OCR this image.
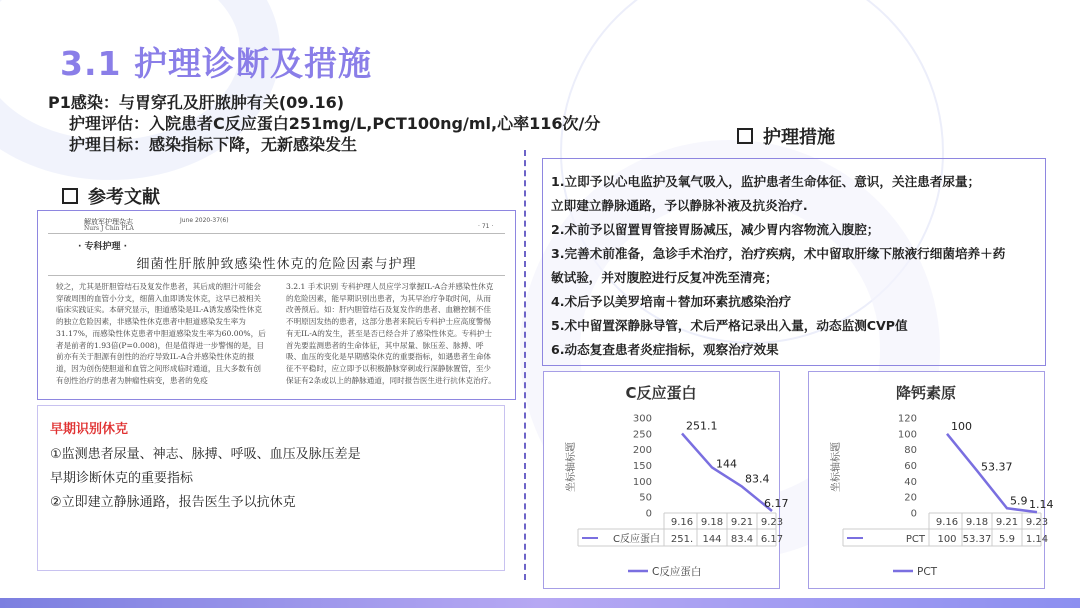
3.1 护理诊断及措施
P1感染：与胃穿孔及肝脓肿有关(09.16)
护理评估：入院患者C反应蛋白251mg/L,PCT100ng/ml,心率116次/分
护理目标：感染指标下降，无新感染发生
参考文献
护理措施
解放军护理杂志
Nurs J Chin PLA
June 2020-37(6)
· 71 ·
· 专科护理 ·
细菌性肝脓肿致感染性休克的危险因素与护理
较之，尤其是肝胆管结石及复发作患者，其后成的胆汁可能会穿破周围的血管小分支，细菌入血即诱发休克，这早已被相关临床实践证实。本研究显示，胆道感染是IL-A诱发感染性休克的独立危险因素，非感染性休克患者中胆道感染发生率为31.17%，而感染性休克患者中胆道感染发生率为60.00%，后者是前者的1.93倍(P=0.008)，但是值得进一步警惕的是，目前亦有关于胆源有创性的治疗导致IL-A合并感染性休克的报道，因为创伤使胆道和血管之间形成临时通道，且大多数有创有创性治疗的患者为肿瘤性病变，患者的免疫
3.2.1 手术识别 专科护理人员应学习掌握IL-A合并感染性休克的危险因素，能早期识别出患者，为其早治疗争取时间，从而改善预后。如：肝内胆管结石及复发作的患者、血糖控制不佳不明原因发热的患者，这部分患者来院后专科护士应高度警惕有无IL-A的发生，甚至是否已经合并了感染性休克。专科护士首先要监测患者的生命体征，其中尿量、脉压差、脉搏、呼吸、血压的变化是早期感染休克的重要指标，如遇患者生命体征不平稳时，应立即予以积极静脉穿刺或行深静脉置管，至少保证有2条或以上的静脉通道，同时报告医生进行抗休克治疗。
早期识别休克
①监测患者尿量、神志、脉搏、呼吸、血压及脉压差是
早期诊断休克的重要指标
②立即建立静脉通路，报告医生予以抗休克
1.立即予以心电监护及氧气吸入，监护患者生命体征、意识，关注患者尿量；
立即建立静脉通路，予以静脉补液及抗炎治疗.
2.术前予以留置胃管接胃肠减压，减少胃内容物流入腹腔；
3.完善术前准备，急诊手术治疗，治疗疾病，术中留取肝缘下脓液行细菌培养＋药
敏试验，并对腹腔进行反复冲洗至清亮；
4.术后予以美罗培南＋替加环素抗感染治疗
5.术中留置深静脉导管，术后严格记录出入量，动态监测CVP值
6.动态复查患者炎症指标，观察治疗效果
C反应蛋白
坐标轴标题
300
250
200
150
100
50
0
9.16 9.18 9.21 9.23
C反应蛋白 251. 144 83.4 6.17
251.1
144
83.4
6.17
C反应蛋白
降钙素原
坐标轴标题
120
100
80
60
40
20
0
9.16 9.18 9.21 9.23
PCT 100 53.37 5.9 1.14
100
53.37
5.9 1.14
PCT
